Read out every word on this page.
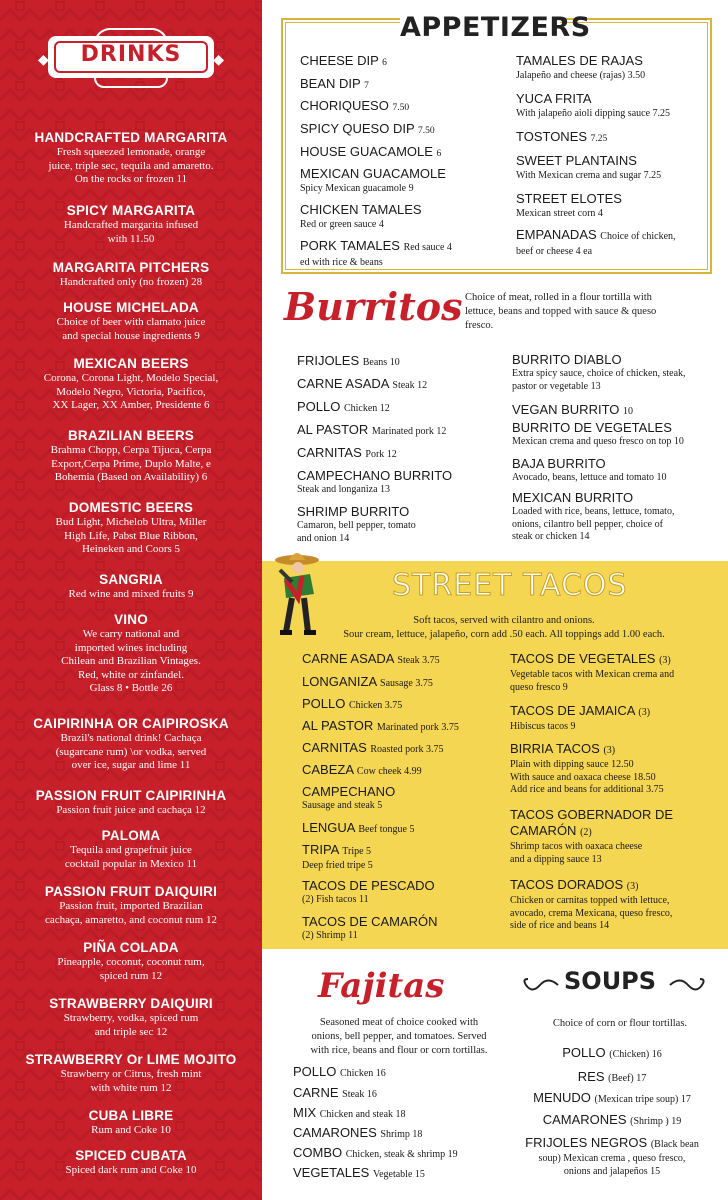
◆	◆
DRINKS
HANDCRAFTED MARGARITA
Fresh squeezed lemonade, orange
juice, triple sec, tequila and amaretto.
On the rocks or frozen 11
SPICY MARGARITA
Handcrafted margarita infused
with 11.50
MARGARITA PITCHERS
Handcrafted only (no frozen) 28
HOUSE MICHELADA
Choice of beer with clamato juice
and special house ingredients 9
MEXICAN BEERS
Corona, Corona Light, Modelo Special,
Modelo Negro, Victoria, Pacifico,
XX Lager, XX Amber, Presidente 6
BRAZILIAN BEERS
Brahma Chopp, Cerpa Tijuca, Cerpa
Export,Cerpa Prime, Duplo Malte, e
Bohemia (Based on Availability) 6
DOMESTIC BEERS
Bud Light, Michelob Ultra, Miller
High Life, Pabst Blue Ribbon,
Heineken and Coors 5
SANGRIA
Red wine and mixed fruits 9
VINO
We carry national and
imported wines including
Chilean and Brazilian Vintages.
Red, white or zinfandel.
Glass 8 • Bottle 26
CAIPIRINHA OR CAIPIROSKA
Brazil's national drink! Cachaça
(sugarcane rum) \or vodka, served
over ice, sugar and lime 11
PASSION FRUIT CAIPIRINHA
Passion fruit juice and cachaça 12
PALOMA
Tequila and grapefruit juice
cocktail popular in Mexico 11
PASSION FRUIT DAIQUIRI
Passion fruit, imported Brazilian
cachaça, amaretto, and coconut rum 12
PIÑA COLADA
Pineapple, coconut, coconut rum,
spiced rum 12
STRAWBERRY DAIQUIRI
Strawberry, vodka, spiced rum
and triple sec 12
STRAWBERRY Or LIME MOJITO
Strawberry or Citrus, fresh mint
with white rum 12
CUBA LIBRE
Rum and Coke 10
SPICED CUBATA
Spiced dark rum and Coke 10
APPETIZERS
CHEESE DIP 6
BEAN DIP 7
CHORIQUESO 7.50
SPICY QUESO DIP 7.50
HOUSE GUACAMOLE 6
MEXICAN GUACAMOLE
Spicy Mexican guacamole 9
CHICKEN TAMALES
Red or green sauce 4
PORK TAMALES Red sauce 4
ed with rice & beans
TAMALES DE RAJAS
Jalapeño and cheese (rajas) 3.50
YUCA FRITA
With jalapeño aioli dipping sauce 7.25
TOSTONES 7.25
SWEET PLANTAINS
With Mexican crema and sugar 7.25
STREET ELOTES
Mexican street corn 4
EMPANADAS Choice of chicken,
beef or cheese 4 ea
Burritos Choice of meat, rolled in a flour tortilla with
lettuce, beans and topped with sauce & queso
fresco.
FRIJOLES Beans 10
CARNE ASADA Steak 12
POLLO Chicken 12
AL PASTOR Marinated pork 12
CARNITAS Pork 12
CAMPECHANO BURRITO
Steak and longaniza 13
SHRIMP BURRITO
Camaron, bell pepper, tomato
and onion 14
BURRITO DIABLO
Extra spicy sauce, choice of chicken, steak,
pastor or vegetable 13
VEGAN BURRITO 10
BURRITO DE VEGETALES
Mexican crema and queso fresco on top 10
BAJA BURRITO
Avocado, beans, lettuce and tomato 10
MEXICAN BURRITO
Loaded with rice, beans, lettuce, tomato,
onions, cilantro bell pepper, choice of
steak or chicken 14
STREET TACOS
Soft tacos, served with cilantro and onions.
Sour cream, lettuce, jalapeño, corn add .50 each. All toppings add 1.00 each.
CARNE ASADA Steak 3.75
LONGANIZA Sausage 3.75
POLLO Chicken 3.75
AL PASTOR Marinated pork 3.75
CARNITAS Roasted pork 3.75
CABEZA Cow cheek 4.99
CAMPECHANO
Sausage and steak 5
LENGUA Beef tongue 5
TRIPA Tripe 5
Deep fried tripe 5
TACOS DE PESCADO
(2) Fish tacos 11
TACOS DE CAMARÓN
(2) Shrimp 11
TACOS DE VEGETALES (3)
Vegetable tacos with Mexican crema and
queso fresco 9
TACOS DE JAMAICA (3)
Hibiscus tacos 9
BIRRIA TACOS (3)
Plain with dipping sauce 12.50
With sauce and oaxaca cheese 18.50
Add rice and beans for additional 3.75
TACOS GOBERNADOR DE
CAMARÓN (2)
Shrimp tacos with oaxaca cheese
and a dipping sauce 13
TACOS DORADOS (3)
Chicken or carnitas topped with lettuce,
avocado, crema Mexicana, queso fresco,
side of rice and beans 14
Fajitas
Seasoned meat of choice cooked with
onions, bell pepper, and tomatoes. Served
with rice, beans and flour or corn tortillas.
POLLO Chicken 16
CARNE Steak 16
MIX Chicken and steak 18
CAMARONES Shrimp 18
COMBO Chicken, steak & shrimp 19
VEGETALES Vegetable 15
SOUPS
Choice of corn or flour tortillas.
POLLO (Chicken) 16
RES (Beef) 17
MENUDO (Mexican tripe soup) 17
CAMARONES (Shrimp ) 19
FRIJOLES NEGROS (Black bean
soup) Mexican crema , queso fresco,
onions and jalapeños 15
